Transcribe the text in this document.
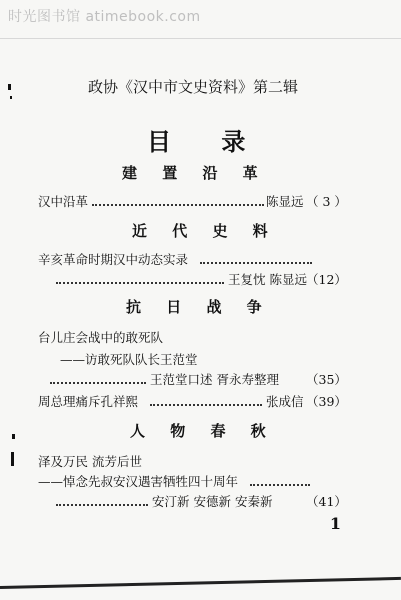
时光图书馆 atimebook.com
政协《汉中市文史资料》第二辑
目 录
建 置 沿 革
汉中沿革	陈显远 （ 3 ）
近 代 史 料
辛亥革命时期汉中动态实录
王复忱 陈显远 （12）
抗 日 战 争
台儿庄会战中的敢死队
——访敢死队队长王范堂
王范堂口述 胥永寿整理 （35）
周总理痛斥孔祥熙	张成信 （39）
人 物 春 秋
泽及万民 流芳后世
——悼念先叔安汉遇害牺牲四十周年
安汀新 安德新 安秦新	（41）
1
